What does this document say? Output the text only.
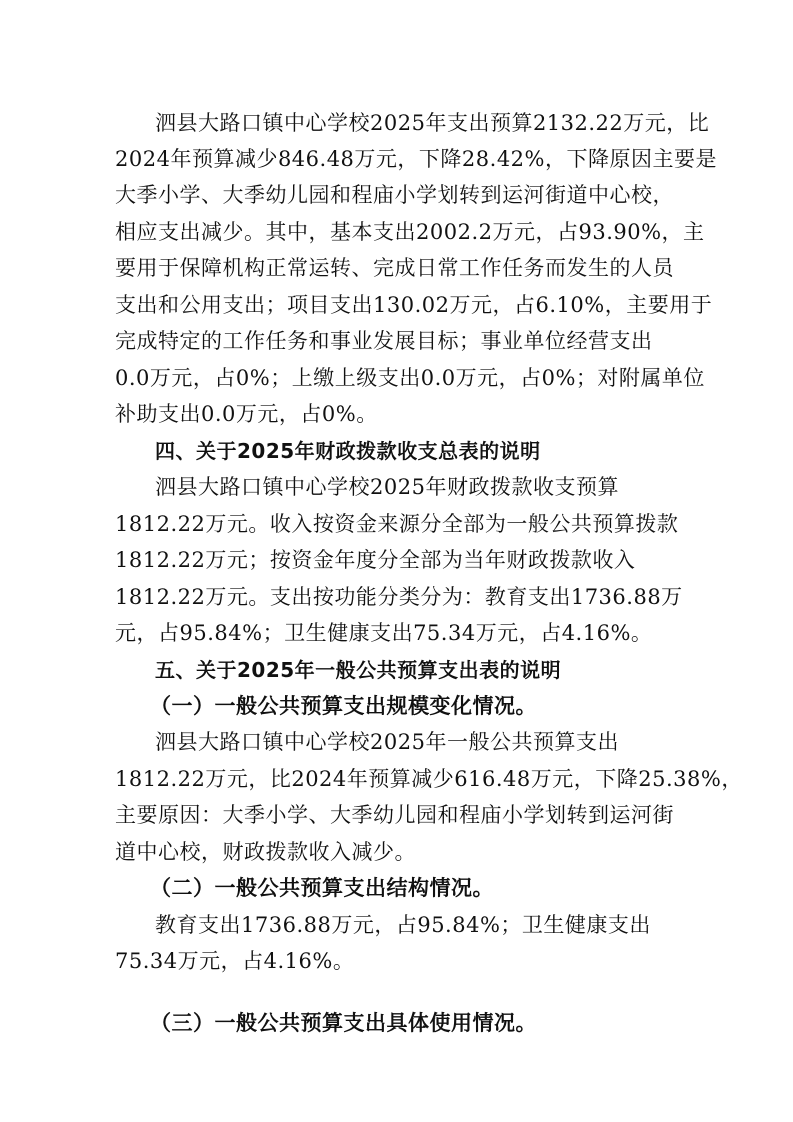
泗县大路口镇中心学校2025年支出预算2132.22万元，比
2024年预算减少846.48万元，下降28.42%，下降原因主要是
大季小学、大季幼儿园和程庙小学划转到运河街道中心校，
相应支出减少。其中，基本支出2002.2万元，占93.90%，主
要用于保障机构正常运转、完成日常工作任务而发生的人员
支出和公用支出；项目支出130.02万元，占6.10%，主要用于
完成特定的工作任务和事业发展目标；事业单位经营支出
0.0万元，占0%；上缴上级支出0.0万元，占0%；对附属单位
补助支出0.0万元，占0%。
四、关于2025年财政拨款收支总表的说明
泗县大路口镇中心学校2025年财政拨款收支预算
1812.22万元。收入按资金来源分全部为一般公共预算拨款
1812.22万元；按资金年度分全部为当年财政拨款收入
1812.22万元。支出按功能分类分为：教育支出1736.88万
元，占95.84%；卫生健康支出75.34万元，占4.16%。
五、关于2025年一般公共预算支出表的说明
（一）一般公共预算支出规模变化情况。
泗县大路口镇中心学校2025年一般公共预算支出
1812.22万元，比2024年预算减少616.48万元，下降25.38%，
主要原因：大季小学、大季幼儿园和程庙小学划转到运河街
道中心校，财政拨款收入减少。
（二）一般公共预算支出结构情况。
教育支出1736.88万元，占95.84%；卫生健康支出
75.34万元，占4.16%。
（三）一般公共预算支出具体使用情况。
